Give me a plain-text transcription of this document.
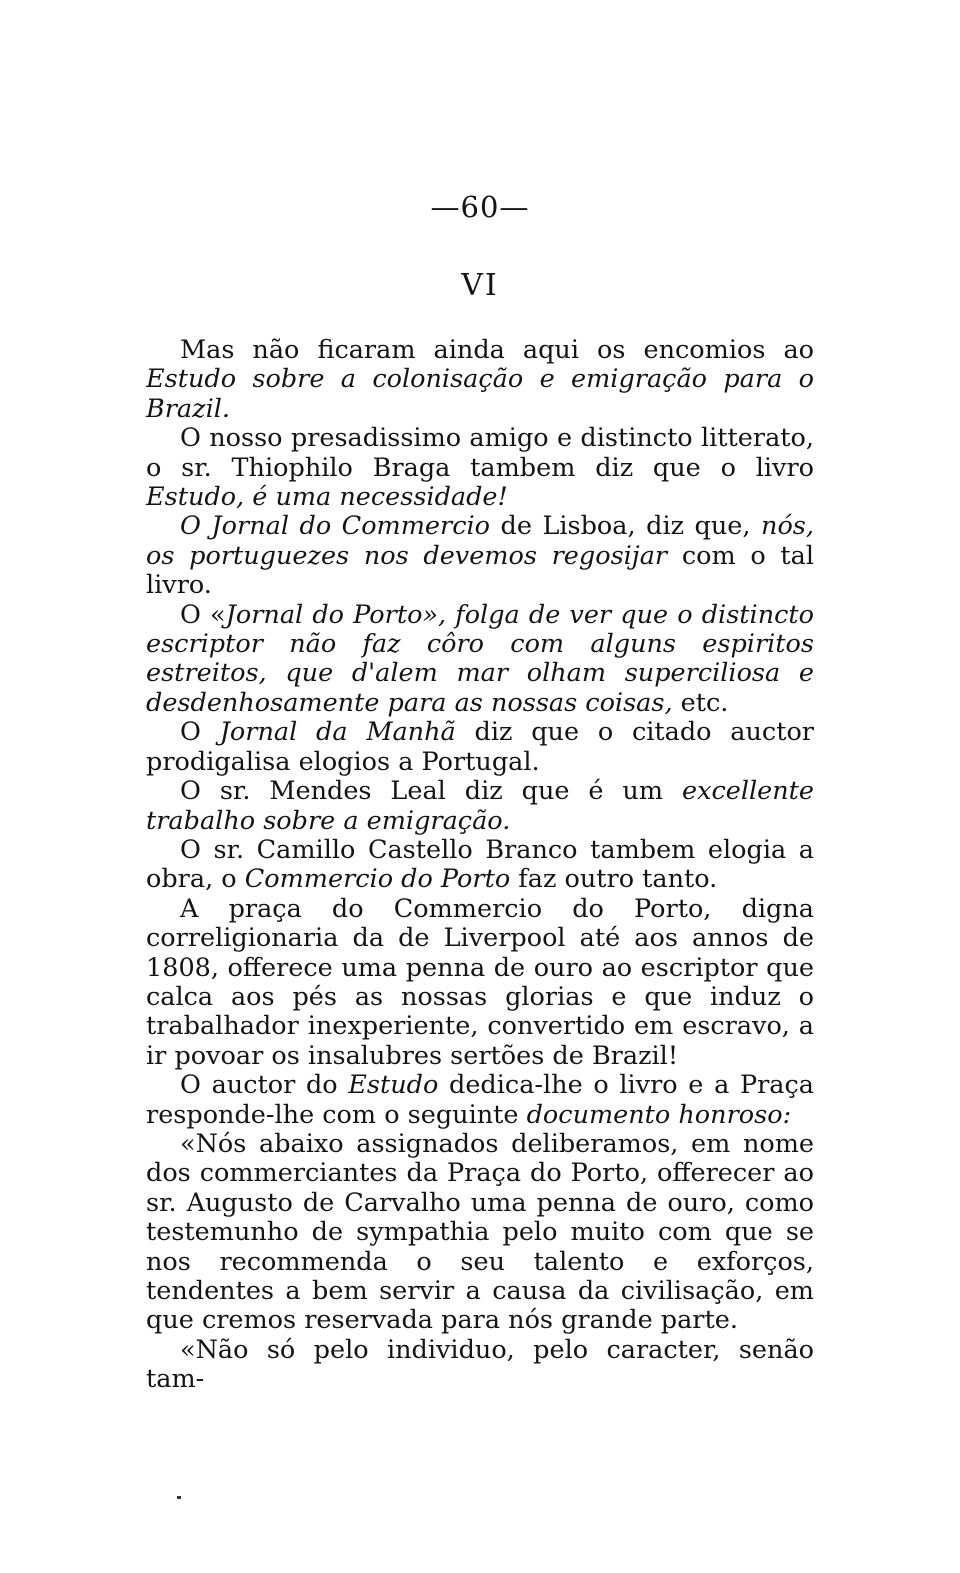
—60—
VI

Mas não ficaram ainda aqui os encomios ao Estudo sobre a colonisação e emigração para o Brazil.

O nosso presadissimo amigo e distincto litterato, o sr. Thiophilo Braga tambem diz que o livro Estudo, é uma necessidade!

O Jornal do Commercio de Lisboa, diz que, nós, os portuguezes nos devemos regosijar com o tal livro.

O «Jornal do Porto», folga de ver que o distincto escriptor não faz côro com alguns espiritos estreitos, que d'alem mar olham superciliosa e desdenhosamente para as nossas coisas, etc.

O Jornal da Manhã diz que o citado auctor prodigalisa elogios a Portugal.

O sr. Mendes Leal diz que é um excellente trabalho sobre a emigração.

O sr. Camillo Castello Branco tambem elogia a obra, o Commercio do Porto faz outro tanto.

A praça do Commercio do Porto, digna correligionaria da de Liverpool até aos annos de 1808, offerece uma penna de ouro ao escriptor que calca aos pés as nossas glorias e que induz o trabalhador inexperiente, convertido em escravo, a ir povoar os insalubres sertões de Brazil!

O auctor do Estudo dedica-lhe o livro e a Praça responde-lhe com o seguinte documento honroso:

«Nós abaixo assignados deliberamos, em nome dos commerciantes da Praça do Porto, offerecer ao sr. Augusto de Carvalho uma penna de ouro, como testemunho de sympathia pelo muito com que se nos recommenda o seu talento e exforços, tendentes a bem servir a causa da civilisação, em que cremos reservada para nós grande parte.

«Não só pelo individuo, pelo caracter, senão tam-
